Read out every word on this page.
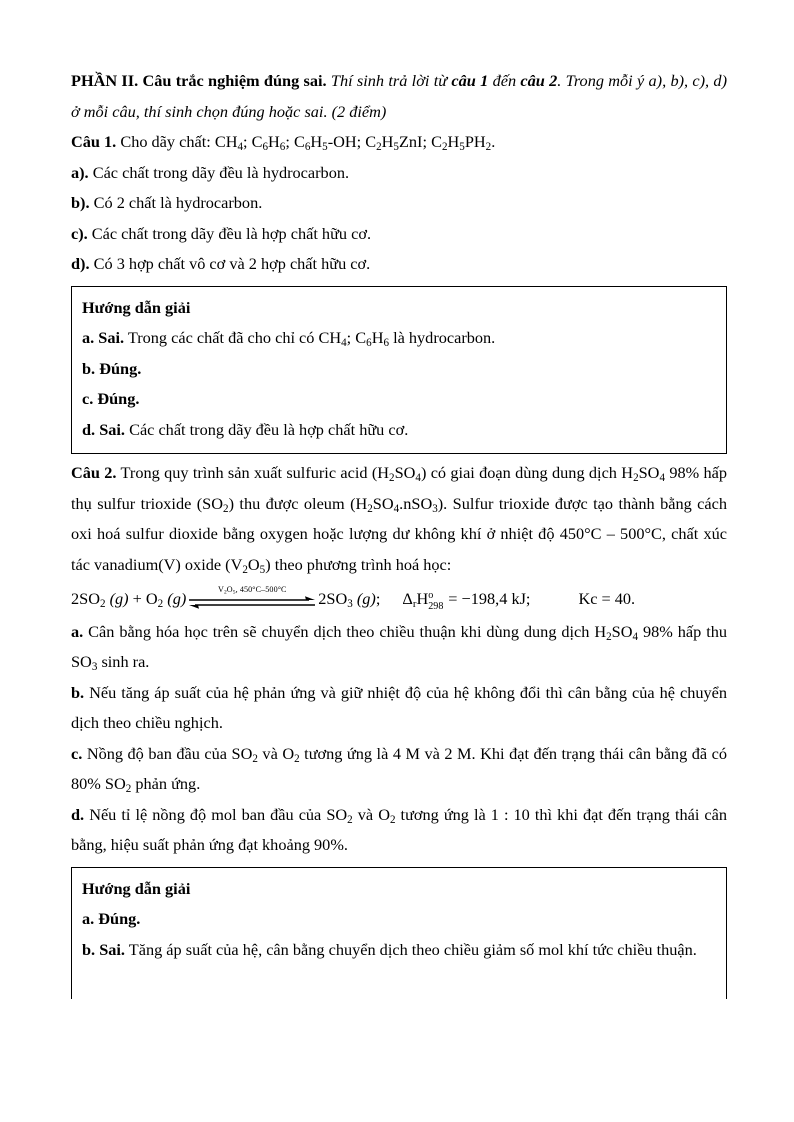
PHẦN II. Câu trắc nghiệm đúng sai. Thí sinh trả lời từ câu 1 đến câu 2. Trong mỗi ý a), b), c), d) ở mỗi câu, thí sinh chọn đúng hoặc sai. (2 điểm)

Câu 1. Cho dãy chất: $CH_4$; $C_6H_6$; $C_6H_5-OH$; $C_2H_5ZnI$; $C_2H_5PH_2$.

a). Các chất trong dãy đều là hydrocarbon.

b). Có 2 chất là hydrocarbon.

c). Các chất trong dãy đều là hợp chất hữu cơ.

d). Có 3 hợp chất vô cơ và 2 hợp chất hữu cơ.

Hướng dẫn giải

a. Sai. Trong các chất đã cho chỉ có $CH_4$; $C_6H_6$ là hydrocarbon.

b. Đúng.

c. Đúng.

d. Sai. Các chất trong dãy đều là hợp chất hữu cơ.

Câu 2. Trong quy trình sản xuất sulfuric acid $(H_2SO_4)$ có giai đoạn dùng dung dịch $H_2SO_4$ 98% hấp thụ sulfur trioxide $(SO_2)$ thu được oleum $(H_2SO_4.nSO_3)$. Sulfur trioxide được tạo thành bằng cách oxi hoá sulfur dioxide bằng oxygen hoặc lượng dư không khí ở nhiệt độ 450°C – 500°C, chất xúc tác vanadium(V) oxide $(V_2O_5)$ theo phương trình hoá học:

$2SO_2$ $(g) + O_2$ (g)	$V_2O_5$, 450°C–500°C	$2SO_3$ (g); ΔrH o
298 = −198,4 kJ;	Kc = 40.

a. Cân bằng hóa học trên sẽ chuyển dịch theo chiều thuận khi dùng dung dịch $H_2SO_4$ 98% hấp thu $SO_3$ sinh ra.

b. Nếu tăng áp suất của hệ phản ứng và giữ nhiệt độ của hệ không đổi thì cân bằng của hệ chuyển dịch theo chiều nghịch.

c. Nồng độ ban đầu của $SO_2$ và $O_2$ tương ứng là 4 M và 2 M. Khi đạt đến trạng thái cân bằng đã có 80% $SO_2$ phản ứng.

d. Nếu tỉ lệ nồng độ mol ban đầu của $SO_2$ và $O_2$ tương ứng là 1 : 10 thì khi đạt đến trạng thái cân bằng, hiệu suất phản ứng đạt khoảng 90%.

Hướng dẫn giải

a. Đúng.

b. Sai. Tăng áp suất của hệ, cân bằng chuyển dịch theo chiều giảm số mol khí tức chiều thuận.
